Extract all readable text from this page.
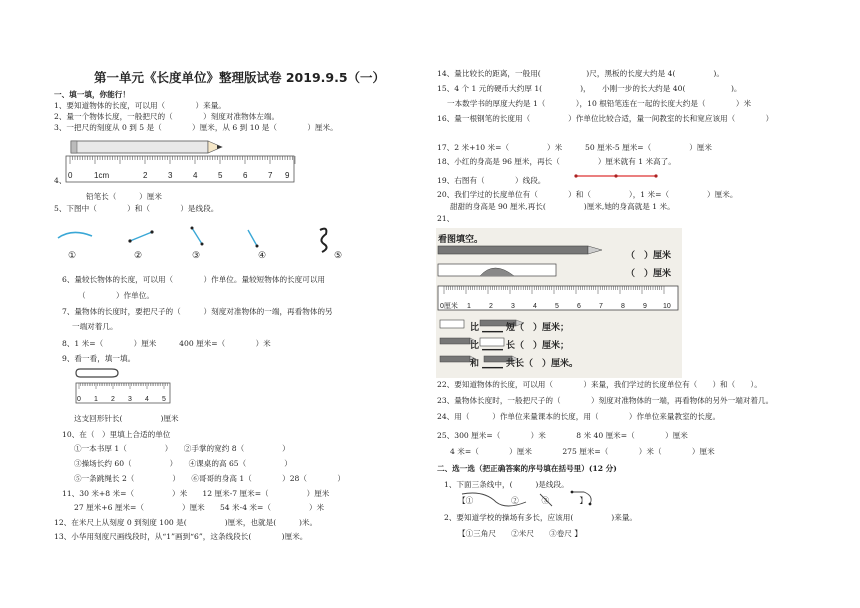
第一单元《长度单位》整理版试卷 2019.9.5（一）
一、填一填，你能行！
1、要知道物体的长度，可以用（　　　　）来量。
2、量一个物体长度，一般把尺的（　　　　）刻度对准物体左端。
3、一把尺的刻度从 0 到 5 是（　　　　）厘米，从 6 到 10 是（　　　　）厘米。
0	1cm	2	3	4	5	6	7 9
4、
铅笔长（　　　）厘米
5、下图中（　　　　）和（　　　　）是线段。
①	②	③	④	⑤
6、量较长物体的长度，可以用（　　　　）作单位。量较短物体的长度可以用
（　　　　）作单位。
7、量物体的长度时，要把尺子的（　　　）刻度对准物体的一端，再看物体的另
一端对着几。
8、1 米=（　　　　）厘米　　　400 厘米=（　　　　）米
9、看一看，填一填。
0 1 2 3 4 5
这支回形针长(　　　　　)厘米
10、在（　）里填上合适的单位
①一本书厚 1（　　　　　）　　②手掌的宽约 8（　　　　　）
③操场长约 60（　　　　　）　　④课桌的高 65（　　　　　）
⑤一条跳绳长 2（　　　　　）　　⑥哥哥的身高 1（　　　　）28（　　　　）
11、30 米+8 米=（　　　　　）米　　12 厘米-7 厘米=（　　　　　）厘米
27 厘米+6 厘米=（　　　　　）厘米　　54 米-4 米=（　　　　　）米
12、在米尺上从刻度 0 到刻度 100 是(　　　　　)厘米，也就是(　　　)米。
13、小华用刻度尺画线段时，从“1”画到“6”，这条线段长(　　　　)厘米。
14、量比较长的距离，一般用(　　　　　　)尺，黑板的长度大约是 4(　　　　　)。
15、4 个 1 元的硬币大约厚 1(　　　　　)，　　小刚一步的长大约是 40(　　　　　　)。
一本数学书的厚度大约是 1（　　　　），10 根铅笔连在一起的长度大约是（　　　　）米
16、量一根钢笔的长度用（　　　　　）作单位比较合适，量一间教室的长和宽应该用（　　　　）
17、2 米+10 米=（　　　　　）米　　　50 厘米-5 厘米=（　　　　　）厘米
18、小红的身高是 96 厘米，再长（　　　　　）厘米就有 1 米高了。
19、右图有（　　　　）线段。
20、我们学过的长度单位有（　　　　）和（　　　　　），1 米=（　　　　　）厘米。
甜甜的身高是 90 厘米,再长(　　　　　)厘米,她的身高就是 1 米。
21、
看图填空。
0厘米 1	2	3	4	5	6	7	8	9 10
（　）厘米
（　）厘米
比 ▁▁▁ 短（　）厘米；
比 ▁▁▁ 长（　）厘米；
和 ▁▁▁ 共长（　）厘米。
22、要知道物体的长度，可以用（　　　　）来量，我们学过的长度单位有（　　）和（　　）。
23、量物体长度时，一般把尺子的（　　　　）刻度对准物体的一端，再看物体的另外一端对着几。
24、用（　　　）作单位来量课本的长度，用（　　　　）作单位来量教室的长度。
25、300 厘米=（　　　　）米　　　　8 米 40 厘米=（　　　　）厘米
4 米=（　　　　）厘米　　　　275 厘米=（　　　　）米（　　　　）厘米
二、选一选（把正确答案的序号填在括号里）(12 分)
1、下面三条线中，(　　　)是线段。
【①　　　　　②　　　③　　　　】
2、要知道学校的操场有多长，应该用(　　　　　)来量。
【①三角尺　　②米尺　　③卷尺 】
